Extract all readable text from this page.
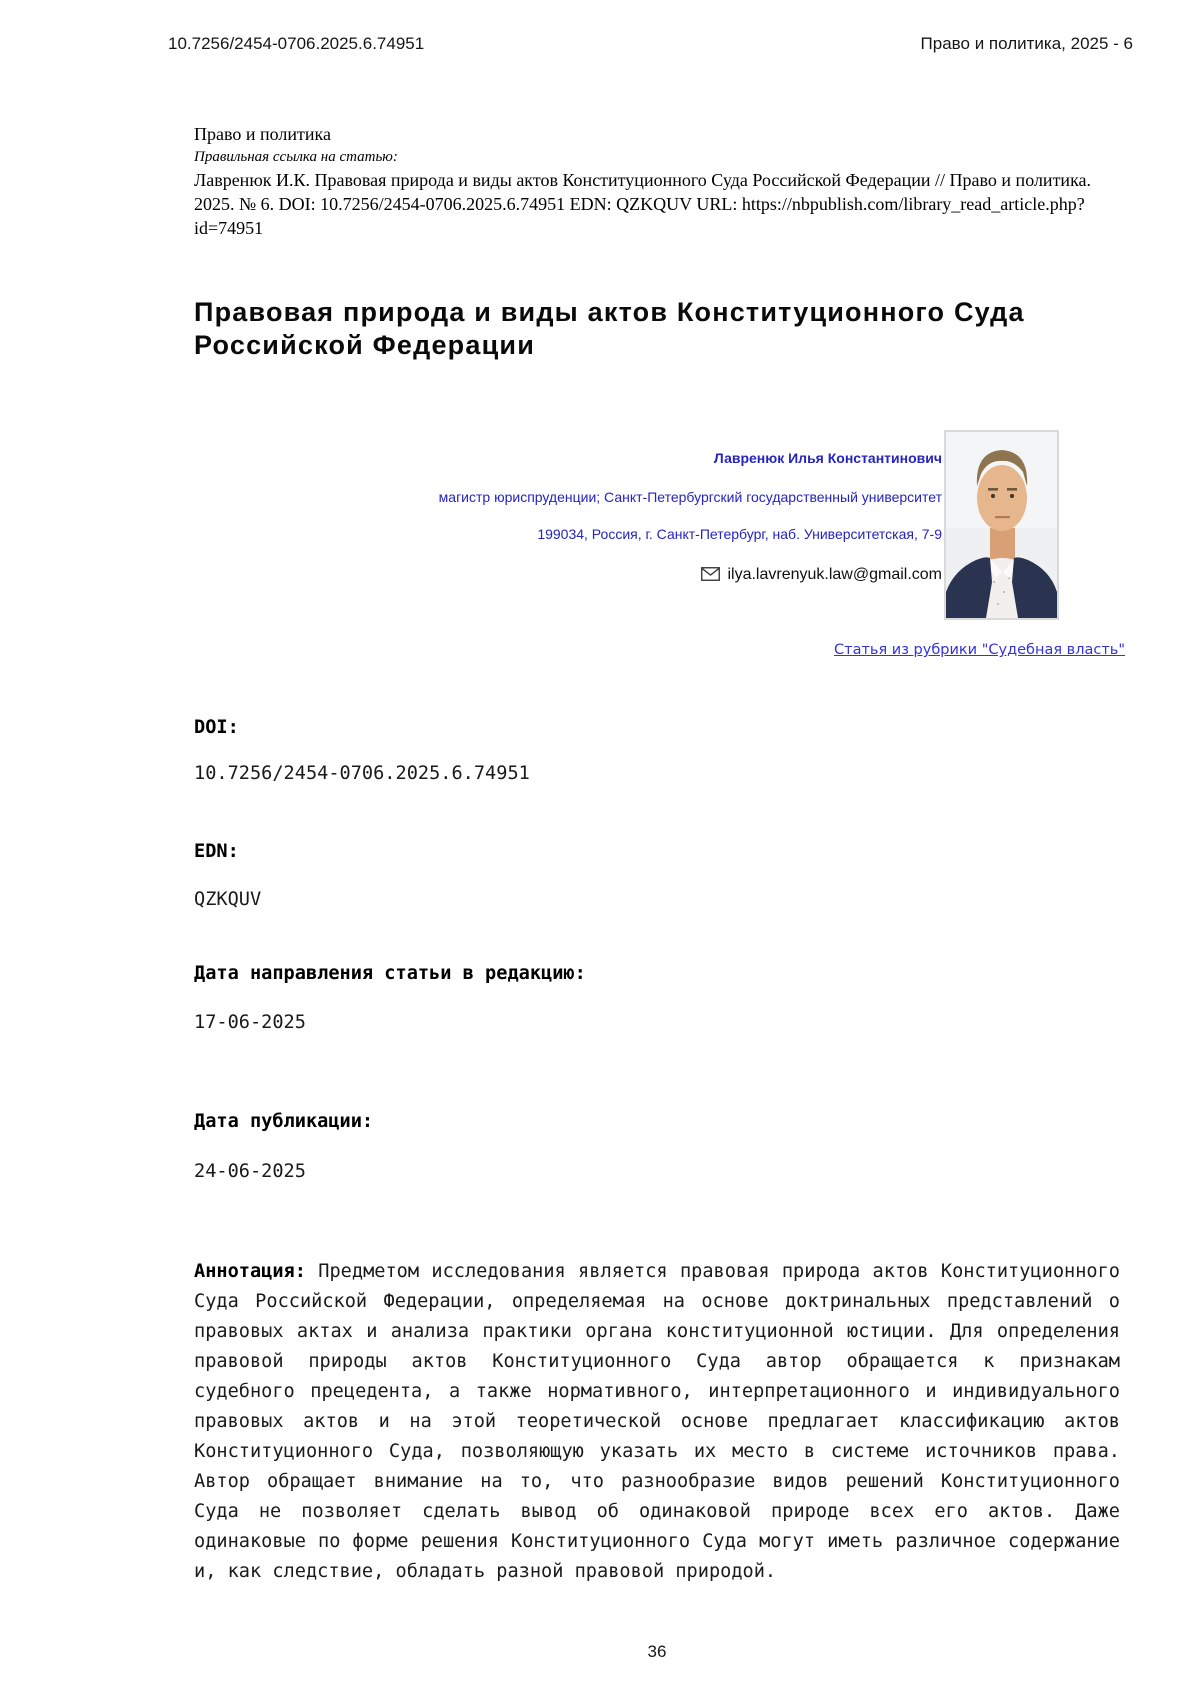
10.7256/2454-0706.2025.6.74951	Право и политика, 2025 - 6
Право и политика
Правильная ссылка на статью:
Лавренюк И.К. Правовая природа и виды актов Конституционного Суда Российской Федерации // Право и политика. 2025. № 6. DOI: 10.7256/2454-0706.2025.6.74951 EDN: QZKQUV URL: https://nbpublish.com/library_read_article.php?id=74951
Правовая природа и виды актов Конституционного Суда Российской Федерации
Лавренюк Илья Константинович
магистр юриспруденции; Санкт-Петербургский государственный университет
199034, Россия, г. Санкт-Петербург, наб. Университетская, 7-9
ilya.lavrenyuk.law@gmail.com
Статья из рубрики "Судебная власть"
DOI:
10.7256/2454-0706.2025.6.74951
EDN:
QZKQUV
Дата направления статьи в редакцию:
17-06-2025
Дата публикации:
24-06-2025
Аннотация: Предметом исследования является правовая природа актов Конституционного Суда Российской Федерации, определяемая на основе доктринальных представлений о правовых актах и анализа практики органа конституционной юстиции. Для определения правовой природы актов Конституционного Суда автор обращается к признакам судебного прецедента, а также нормативного, интерпретационного и индивидуального правовых актов и на этой теоретической основе предлагает классификацию актов Конституционного Суда, позволяющую указать их место в системе источников права. Автор обращает внимание на то, что разнообразие видов решений Конституционного Суда не позволяет сделать вывод об одинаковой природе всех его актов. Даже одинаковые по форме решения Конституционного Суда могут иметь различное содержание и, как следствие, обладать разной правовой природой.
36
